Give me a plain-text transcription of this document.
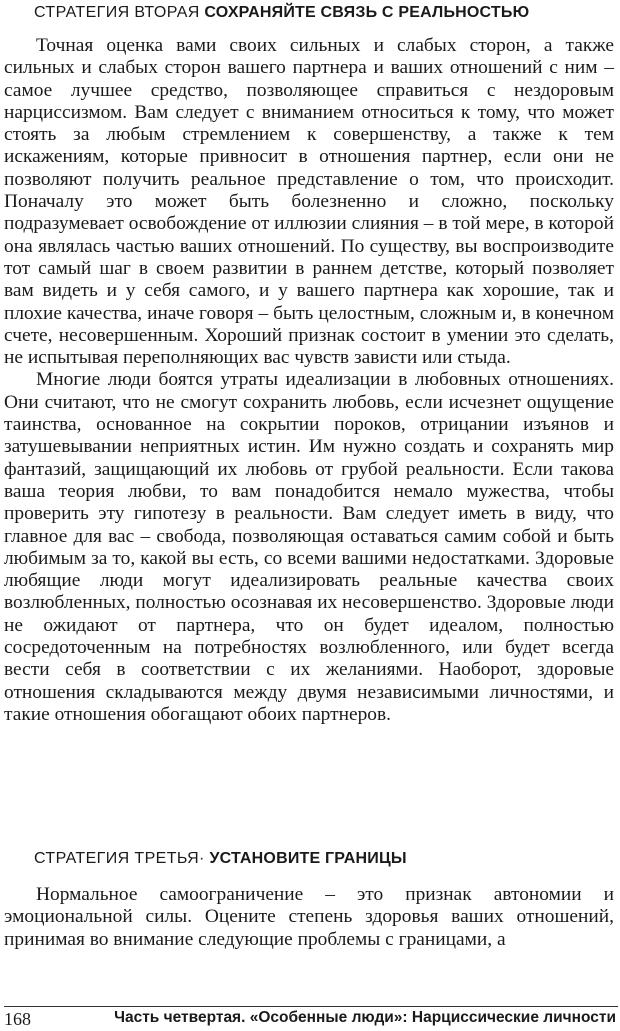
СТРАТЕГИЯ ВТОРАЯ СОХРАНЯЙТЕ СВЯЗЬ С РЕАЛЬНОСТЬЮ

Точная оценка вами своих сильных и слабых сторон, а также сильных и слабых сторон вашего партнера и ваших отношений с ним – самое лучшее средство, позволяющее справиться с нездоровым нарциссизмом. Вам следует с вниманием относиться к тому, что может стоять за любым стремлением к совершенству, а также к тем искажениям, которые привносит в отношения партнер, если они не позволяют получить реальное представление о том, что происходит. Поначалу это может быть болезненно и сложно, поскольку подразумевает освобождение от иллюзии слияния – в той мере, в которой она являлась частью ваших отношений. По существу, вы воспроизводите тот самый шаг в своем развитии в раннем детстве, который позволяет вам видеть и у себя самого, и у вашего партнера как хорошие, так и плохие качества, иначе говоря – быть целостным, сложным и, в конечном счете, несовершенным. Хороший признак состоит в умении это сделать, не испытывая переполняющих вас чувств зависти или стыда.

Многие люди боятся утраты идеализации в любовных отношениях. Они считают, что не смогут сохранить любовь, если исчезнет ощущение таинства, основанное на сокрытии пороков, отрицании изъянов и затушевывании неприятных истин. Им нужно создать и сохранять мир фантазий, защищающий их любовь от грубой реальности. Если такова ваша теория любви, то вам понадобится немало мужества, чтобы проверить эту гипотезу в реальности. Вам следует иметь в виду, что главное для вас – свобода, позволяющая оставаться самим собой и быть любимым за то, какой вы есть, со всеми вашими недостатками. Здоровые любящие люди могут идеализировать реальные качества своих возлюбленных, полностью осознавая их несовершенство. Здоровые люди не ожидают от партнера, что он будет идеалом, полностью сосредоточенным на потребностях возлюбленного, или будет всегда вести себя в соответствии с их желаниями. Наоборот, здоровые отношения складываются между двумя независимыми личностями, и такие отношения обогащают обоих партнеров.

СТРАТЕГИЯ ТРЕТЬЯ· УСТАНОВИТЕ ГРАНИЦЫ

Нормальное самоограничение – это признак автономии и эмоциональной силы. Оцените степень здоровья ваших отношений, принимая во внимание следующие проблемы с границами, а

168	Часть четвертая. «Особенные люди»: Нарциссические личности
